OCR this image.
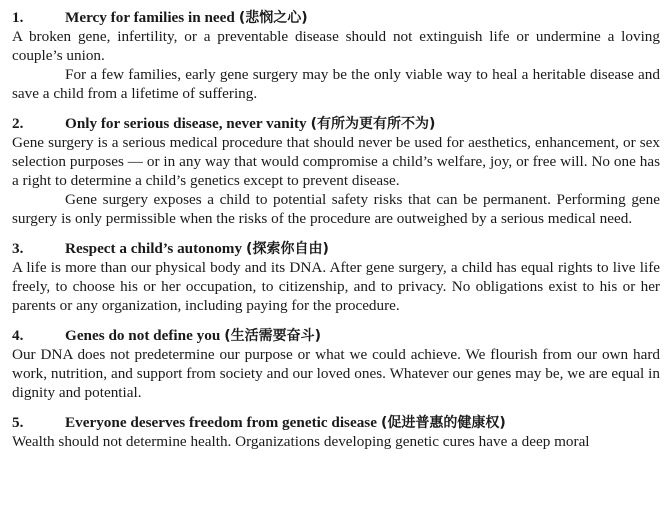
1.	Mercy for families in need (悲悯之心)

A broken gene, infertility, or a preventable disease should not extinguish life or undermine a loving couple’s union.

For a few families, early gene surgery may be the only viable way to heal a heritable disease and save a child from a lifetime of suffering.

2.	Only for serious disease, never vanity (有所为更有所不为)

Gene surgery is a serious medical procedure that should never be used for aesthetics, enhancement, or sex selection purposes — or in any way that would compromise a child’s welfare, joy, or free will. No one has a right to determine a child’s genetics except to prevent disease.

Gene surgery exposes a child to potential safety risks that can be permanent. Performing gene surgery is only permissible when the risks of the procedure are outweighed by a serious medical need.

3.	Respect a child’s autonomy (探索你自由)

A life is more than our physical body and its DNA. After gene surgery, a child has equal rights to live life freely, to choose his or her occupation, to citizenship, and to privacy. No obligations exist to his or her parents or any organization, including paying for the procedure.

4.	Genes do not define you (生活需要奋斗)

Our DNA does not predetermine our purpose or what we could achieve. We flourish from our own hard work, nutrition, and support from society and our loved ones. Whatever our genes may be, we are equal in dignity and potential.

5.	Everyone deserves freedom from genetic disease (促进普惠的健康权)

Wealth should not determine health. Organizations developing genetic cures have a deep moral
